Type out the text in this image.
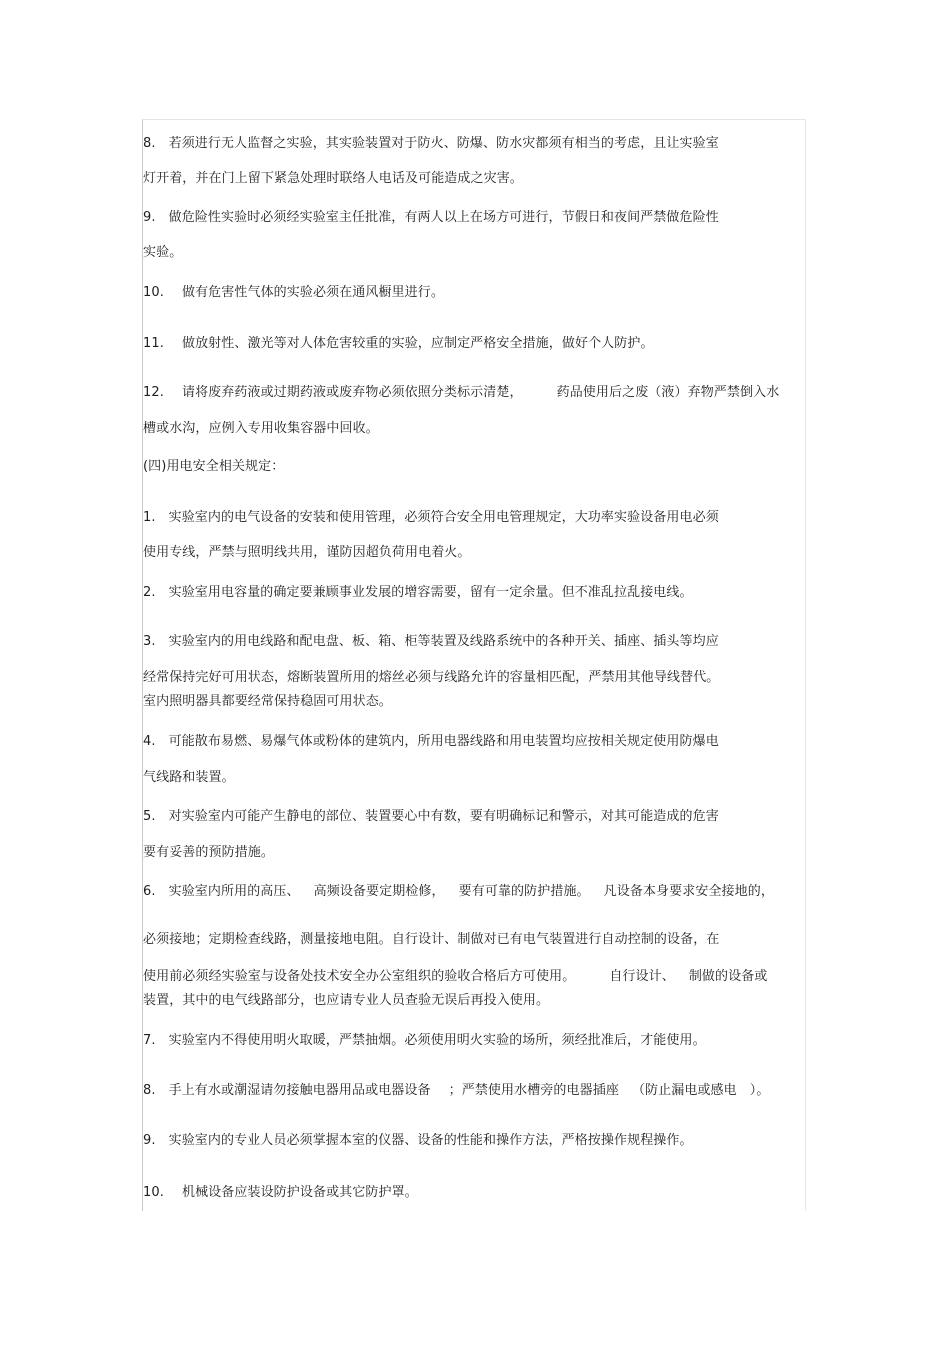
8. 若须进行无人监督之实验，其实验装置对于防火、防爆、防水灾都须有相当的考虑，且让实验室

灯开着，并在门上留下紧急处理时联络人电话及可能造成之灾害。

9. 做危险性实验时必须经实验室主任批准，有两人以上在场方可进行，节假日和夜间严禁做危险性

实验。

10. 做有危害性气体的实验必须在通风橱里进行。

11. 做放射性、激光等对人体危害较重的实验，应制定严格安全措施，做好个人防护。

12. 请将废弃药液或过期药液或废弃物必须依照分类标示清楚，	药品使用后之废（液）弃物严禁倒入水

槽或水沟，应例入专用收集容器中回收。

(四)用电安全相关规定：

1. 实验室内的电气设备的安装和使用管理，必须符合安全用电管理规定，大功率实验设备用电必须

使用专线，严禁与照明线共用，谨防因超负荷用电着火。

2. 实验室用电容量的确定要兼顾事业发展的增容需要，留有一定余量。但不准乱拉乱接电线。

3. 实验室内的用电线路和配电盘、板、箱、柜等装置及线路系统中的各种开关、插座、插头等均应

经常保持完好可用状态，熔断装置所用的熔丝必须与线路允许的容量相匹配，严禁用其他导线替代。

室内照明器具都要经常保持稳固可用状态。

4. 可能散布易燃、易爆气体或粉体的建筑内，所用电器线路和用电装置均应按相关规定使用防爆电

气线路和装置。

5. 对实验室内可能产生静电的部位、装置要心中有数，要有明确标记和警示，对其可能造成的危害

要有妥善的预防措施。

6. 实验室内所用的高压、 高频设备要定期检修， 要有可靠的防护措施。 凡设备本身要求安全接地的，

必须接地；定期检查线路，测量接地电阻。自行设计、制做对已有电气装置进行自动控制的设备，在

使用前必须经实验室与设备处技术安全办公室组织的验收合格后方可使用。	自行设计、 制做的设备或

装置，其中的电气线路部分，也应请专业人员查验无误后再投入使用。

7. 实验室内不得使用明火取暖，严禁抽烟。必须使用明火实验的场所，须经批准后，才能使用。

8. 手上有水或潮湿请勿接触电器用品或电器设备 ；严禁使用水槽旁的电器插座 （防止漏电或感电 ）。

9. 实验室内的专业人员必须掌握本室的仪器、设备的性能和操作方法，严格按操作规程操作。

10. 机械设备应装设防护设备或其它防护罩。
